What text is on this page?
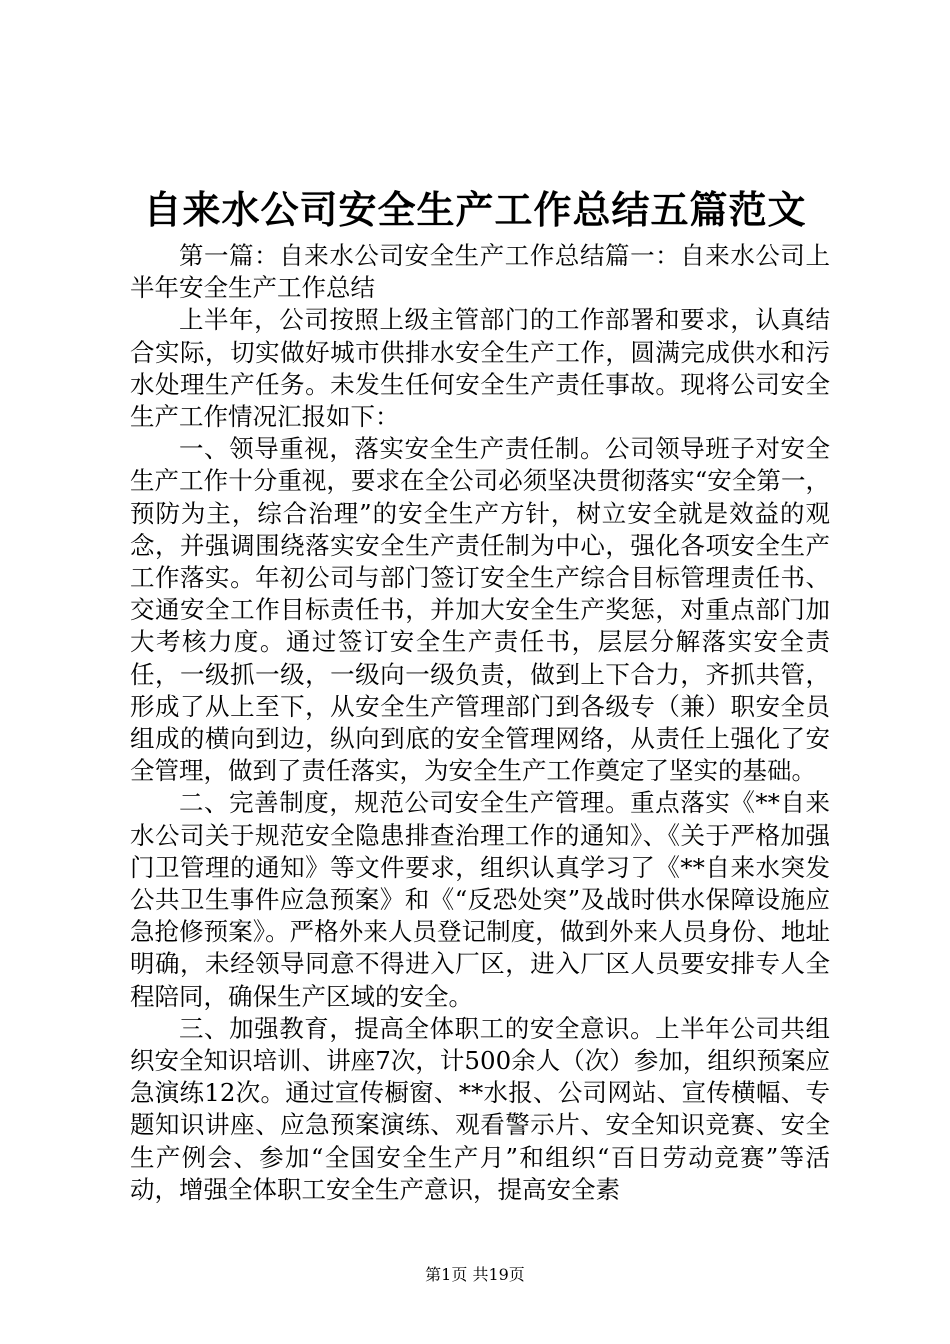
自来水公司安全生产工作总结五篇范文

第一篇：自来水公司安全生产工作总结篇一：自来水公司上半年安全生产工作总结

上半年，公司按照上级主管部门的工作部署和要求，认真结合实际，切实做好城市供排水安全生产工作，圆满完成供水和污水处理生产任务。未发生任何安全生产责任事故。现将公司安全生产工作情况汇报如下：

一、领导重视，落实安全生产责任制。公司领导班子对安全生产工作十分重视，要求在全公司必须坚决贯彻落实“安全第一，预防为主，综合治理”的安全生产方针，树立安全就是效益的观念，并强调围绕落实安全生产责任制为中心，强化各项安全生产工作落实。年初公司与部门签订安全生产综合目标管理责任书、交通安全工作目标责任书，并加大安全生产奖惩，对重点部门加大考核力度。通过签订安全生产责任书，层层分解落实安全责任，一级抓一级，一级向一级负责，做到上下合力，齐抓共管，形成了从上至下，从安全生产管理部门到各级专（兼）职安全员组成的横向到边，纵向到底的安全管理网络，从责任上强化了安全管理，做到了责任落实，为安全生产工作奠定了坚实的基础。

二、完善制度，规范公司安全生产管理。重点落实《**自来水公司关于规范安全隐患排查治理工作的通知》、《关于严格加强门卫管理的通知》等文件要求，组织认真学习了《**自来水突发公共卫生事件应急预案》和《“反恐处突”及战时供水保障设施应急抢修预案》。严格外来人员登记制度，做到外来人员身份、地址明确，未经领导同意不得进入厂区，进入厂区人员要安排专人全程陪同，确保生产区域的安全。

三、加强教育，提高全体职工的安全意识。上半年公司共组织安全知识培训、讲座7次，计500余人（次）参加，组织预案应急演练12次。通过宣传橱窗、**水报、公司网站、宣传横幅、专题知识讲座、应急预案演练、观看警示片、安全知识竞赛、安全生产例会、参加“全国安全生产月”和组织“百日劳动竞赛”等活动，增强全体职工安全生产意识，提高安全素

第1页 共19页
